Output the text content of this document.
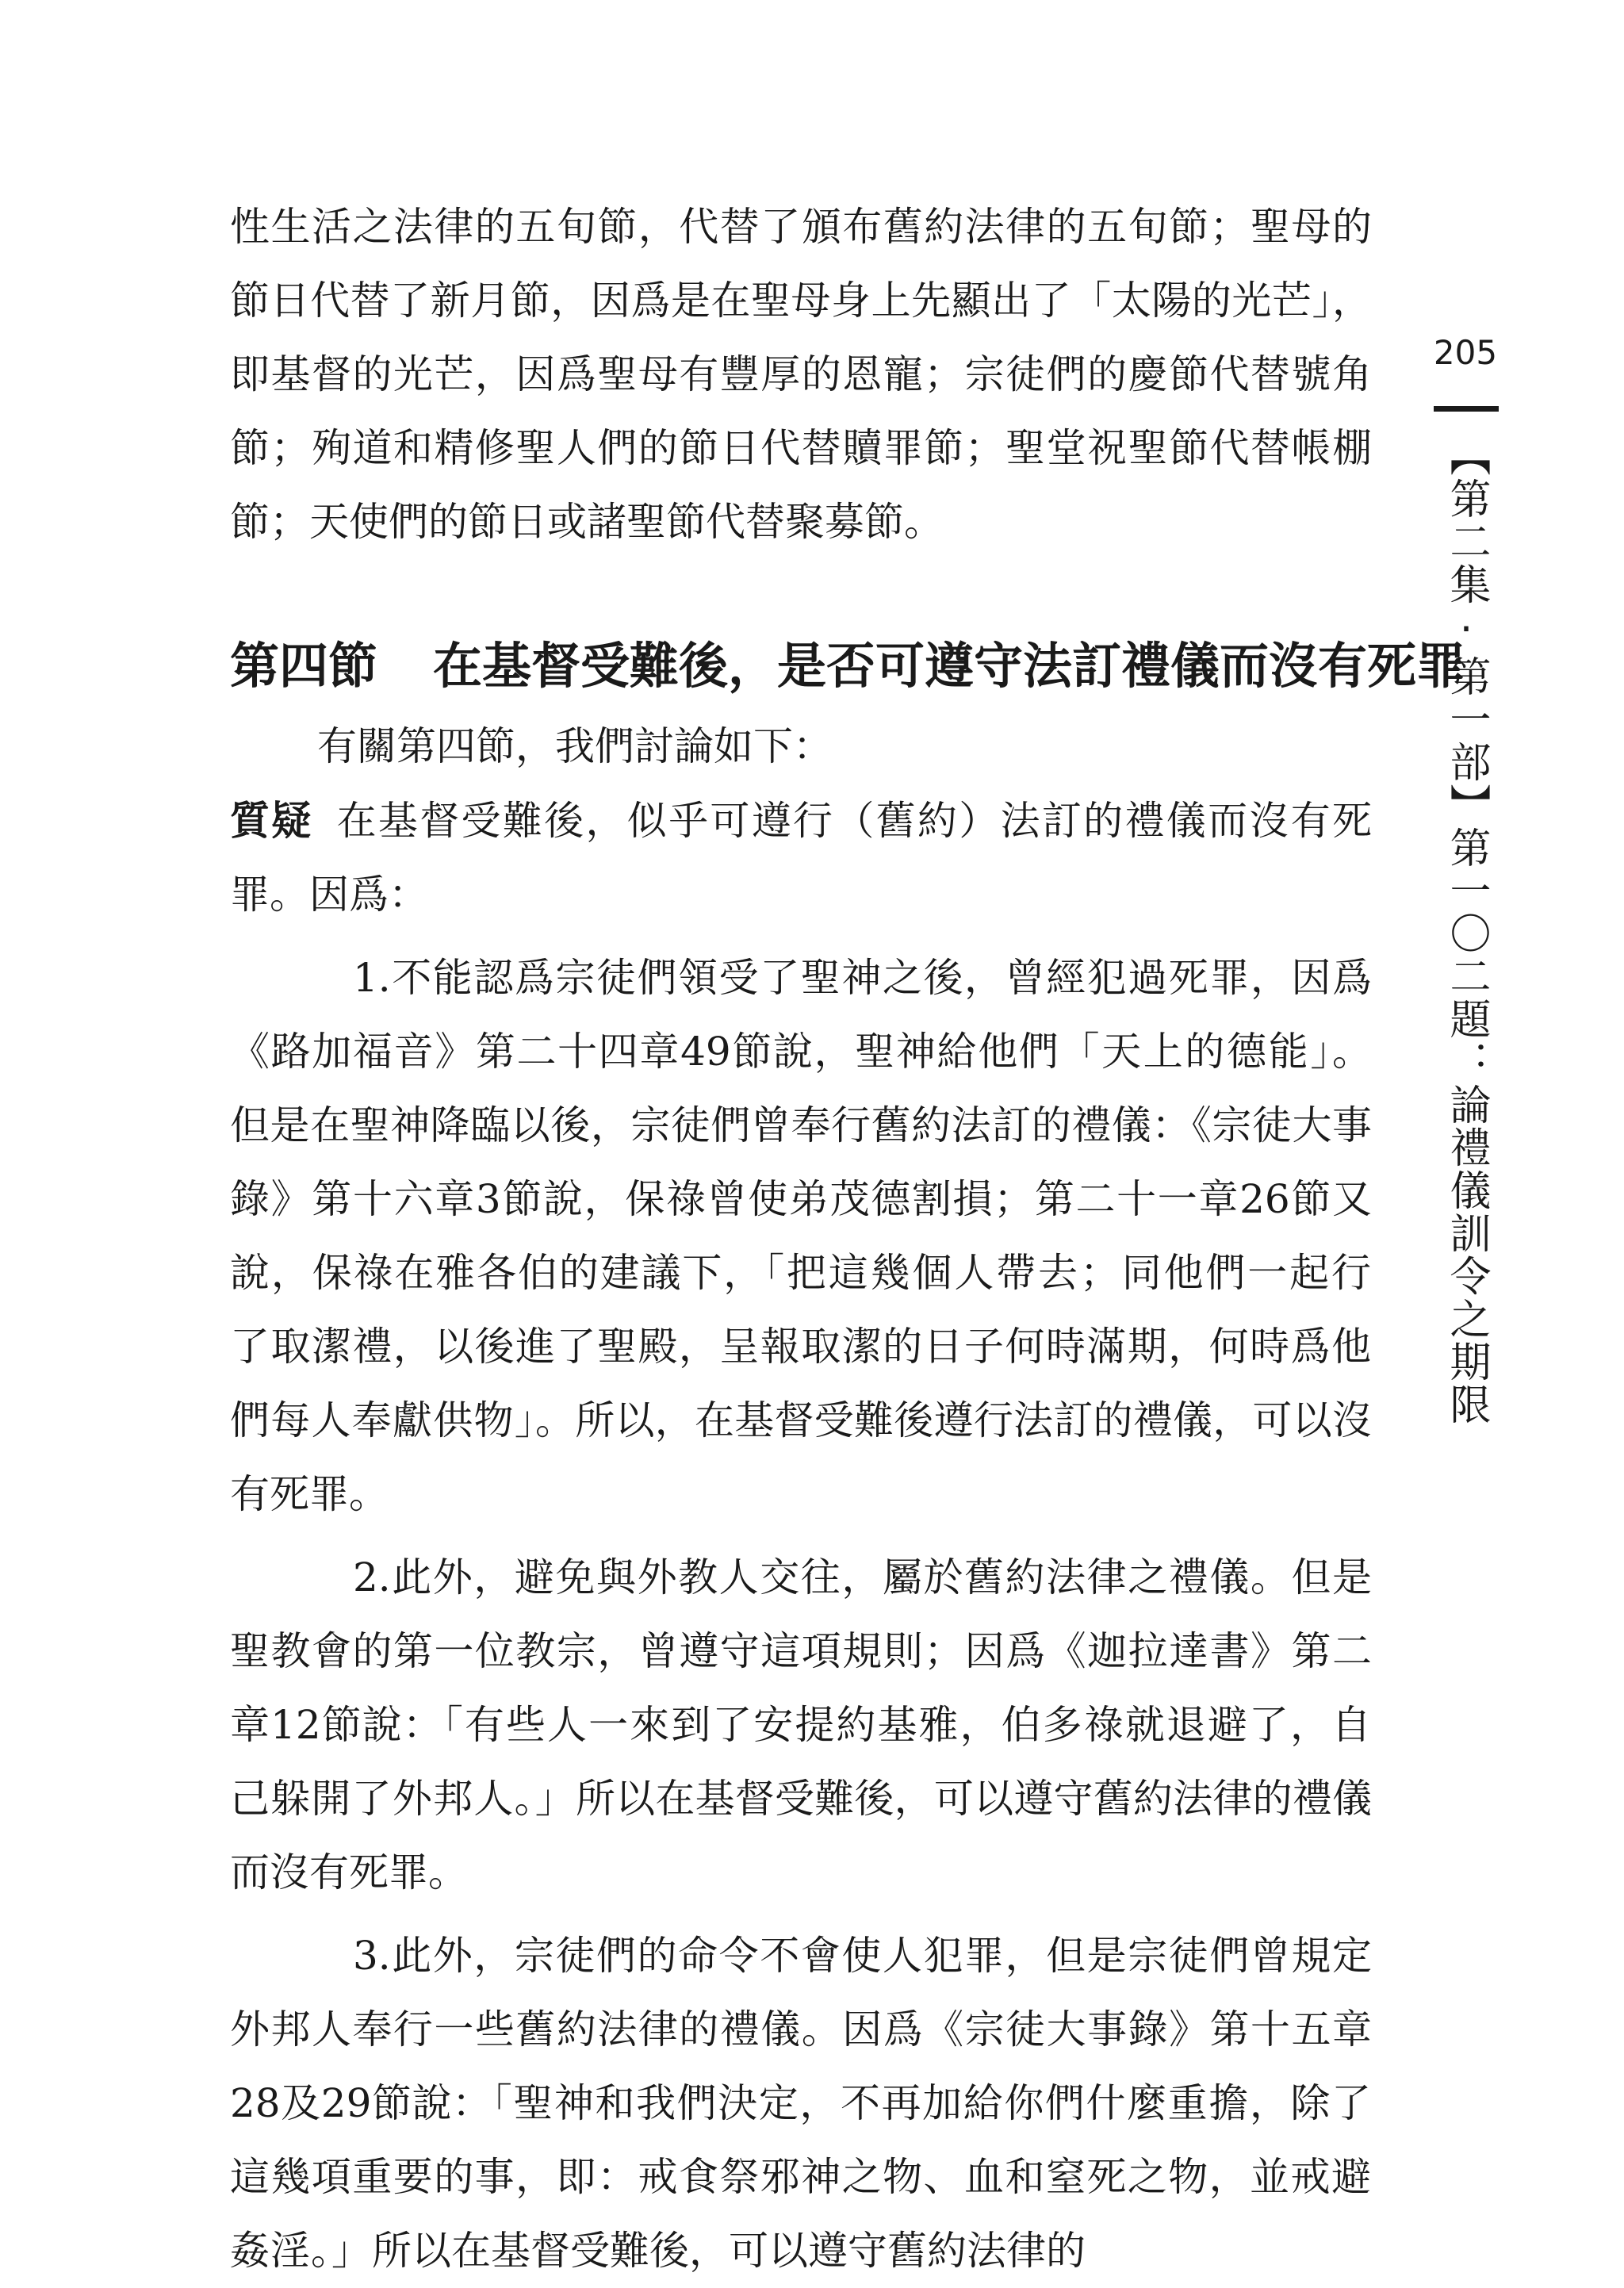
205
【第二集·第一部】第一〇二題：論禮儀訓令之期限

性生活之法律的五旬節，代替了頒布舊約法律的五旬節；聖母的節日代替了新月節，因爲是在聖母身上先顯出了「太陽的光芒」，即基督的光芒，因爲聖母有豐厚的恩寵；宗徒們的慶節代替號角節；殉道和精修聖人們的節日代替贖罪節；聖堂祝聖節代替帳棚節；天使們的節日或諸聖節代替聚募節。

第四節 在基督受難後，是否可遵守法訂禮儀而沒有死罪

有關第四節，我們討論如下：

質疑 在基督受難後，似乎可遵行（舊約）法訂的禮儀而沒有死罪。因爲：

1.不能認爲宗徒們領受了聖神之後，曾經犯過死罪，因爲《路加福音》第二十四章49節說，聖神給他們「天上的德能」。但是在聖神降臨以後，宗徒們曾奉行舊約法訂的禮儀：《宗徒大事錄》第十六章3節說，保祿曾使弟茂德割損；第二十一章26節又說，保祿在雅各伯的建議下，「把這幾個人帶去；同他們一起行了取潔禮，以後進了聖殿，呈報取潔的日子何時滿期，何時爲他們每人奉獻供物」。所以，在基督受難後遵行法訂的禮儀，可以沒有死罪。

2.此外，避免與外教人交往，屬於舊約法律之禮儀。但是聖教會的第一位教宗，曾遵守這項規則；因爲《迦拉達書》第二章12節說：「有些人一來到了安提約基雅，伯多祿就退避了，自己躲開了外邦人。」所以在基督受難後，可以遵守舊約法律的禮儀而沒有死罪。

3.此外，宗徒們的命令不會使人犯罪，但是宗徒們曾規定外邦人奉行一些舊約法律的禮儀。因爲《宗徒大事錄》第十五章28及29節說：「聖神和我們決定，不再加給你們什麼重擔，除了這幾項重要的事，即：戒食祭邪神之物、血和窒死之物，並戒避姦淫。」所以在基督受難後，可以遵守舊約法律的
